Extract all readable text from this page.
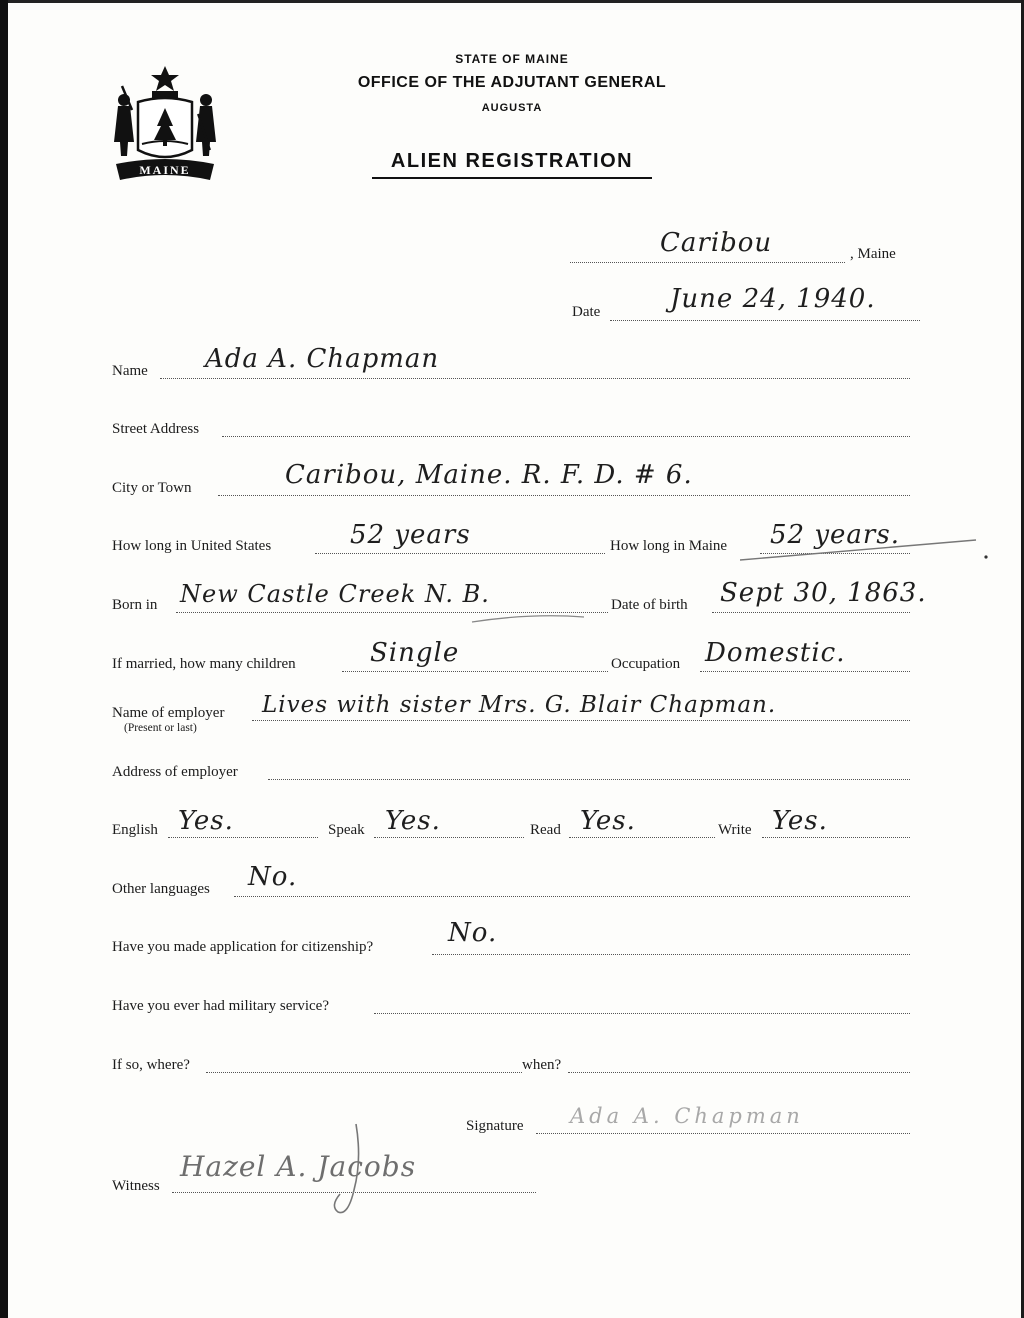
MAINE
STATE OF MAINE
OFFICE OF THE ADJUTANT GENERAL
AUGUSTA
ALIEN REGISTRATION
Caribou	, Maine
Date	June 24, 1940.
Name Ada A. Chapman
Street Address
City or Town	Caribou, Maine. R. F. D. # 6.
How long in United States	52 years	How long in Maine 52 years.
Born in New Castle Creek N. B.	Date of birth Sept 30, 1863.
If married, how many children	Single	Occupation Domestic.
Name of employer
(Present or last)
Lives with sister Mrs. G. Blair Chapman.
Address of employer
English Yes.	Speak Yes.	Read Yes.	Write Yes.
Other languages No.
Have you made application for citizenship?	No.
Have you ever had military service?
If so, where?	when?
Signature Ada A. Chapman
Witness
Hazel A. Jacobs
